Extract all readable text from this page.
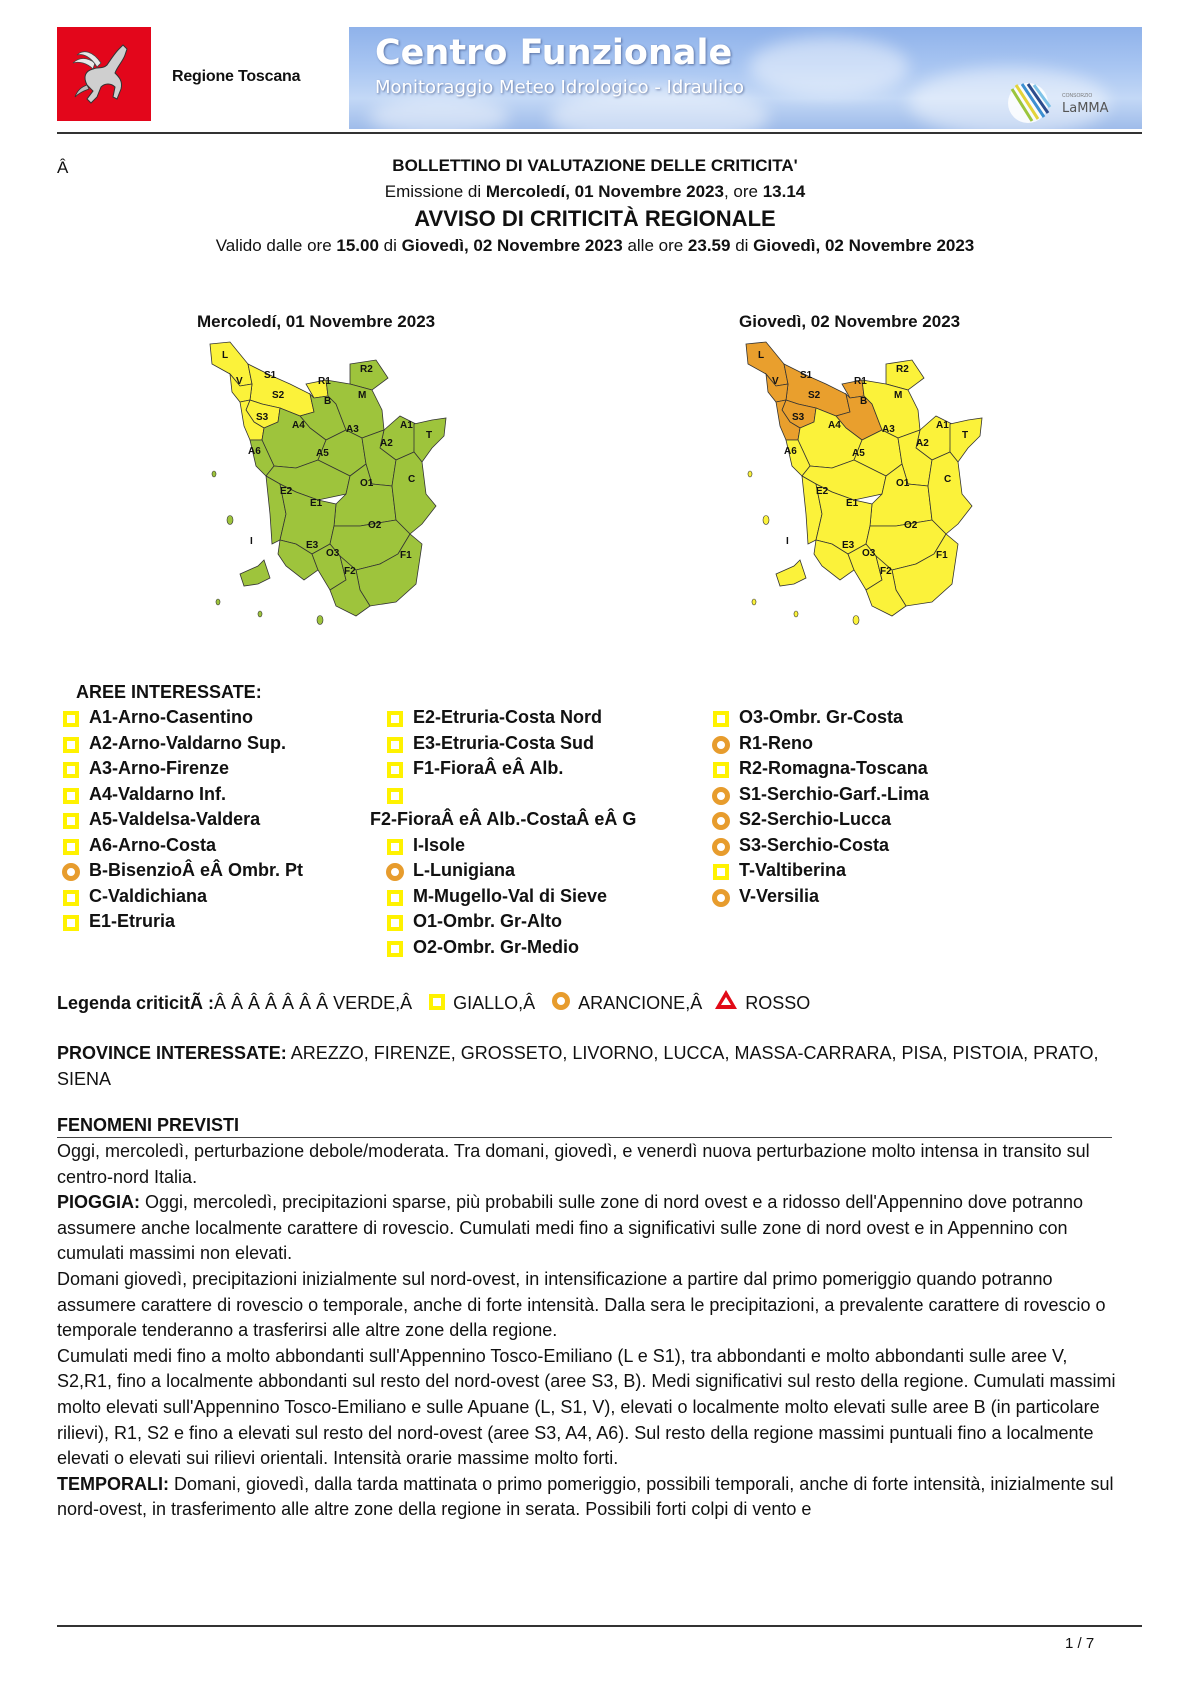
Regione Toscana
Centro Funzionale
Monitoraggio Meteo Idrologico - Idraulico	CONSORZIO
LaMMA
Â	BOLLETTINO DI VALUTAZIONE DELLE CRITICITA'
Emissione di Mercoledí, 01 Novembre 2023, ore 13.14
AVVISO DI CRITICITÀ REGIONALE
Valido dalle ore 15.00 di Giovedì, 02 Novembre 2023 alle ore 23.59 di Giovedì, 02 Novembre 2023
Mercoledí, 01 Novembre 2023	Giovedì, 02 Novembre 2023
L
S1
V
S2
S3
R1
R2
B
M
A4	A3	A1
T
A2
A6	A5
O1	C
E2
E1
O2
I	E3
O3	F1
F2
L
S1
V
S2
S3
R1
R2
B
M
A4	A3	A1
T
A2
A6	A5
O1	C
E2
E1
O2
I	E3
O3	F1
F2
AREE INTERESSATE:
A1-Arno-Casentino
A2-Arno-Valdarno Sup.
A3-Arno-Firenze
A4-Valdarno Inf.
A5-Valdelsa-Valdera
A6-Arno-Costa
B-BisenzioÂ eÂ Ombr. Pt
C-Valdichiana
E1-Etruria
E2-Etruria-Costa Nord
E3-Etruria-Costa Sud
F1-FioraÂ eÂ Alb.
F2-FioraÂ eÂ Alb.-CostaÂ eÂ G
I-Isole
L-Lunigiana
M-Mugello-Val di Sieve
O1-Ombr. Gr-Alto
O2-Ombr. Gr-Medio
O3-Ombr. Gr-Costa
R1-Reno
R2-Romagna-Toscana
S1-Serchio-Garf.-Lima
S2-Serchio-Lucca
S3-Serchio-Costa
T-Valtiberina
V-Versilia
Legenda criticitÃ :Â Â Â Â Â Â Â VERDE,Â GIALLO,Â ARANCIONE,Â ROSSO
PROVINCE INTERESSATE: AREZZO, FIRENZE, GROSSETO, LIVORNO, LUCCA, MASSA-CARRARA, PISA, PISTOIA, PRATO, SIENA
FENOMENI PREVISTI

Oggi, mercoledì, perturbazione debole/moderata. Tra domani, giovedì, e venerdì nuova perturbazione molto intensa in transito sul centro-nord Italia.

PIOGGIA: Oggi, mercoledì, precipitazioni sparse, più probabili sulle zone di nord ovest e a ridosso dell'Appennino dove potranno assumere anche localmente carattere di rovescio. Cumulati medi fino a significativi sulle zone di nord ovest e in Appennino con cumulati massimi non elevati.

Domani giovedì, precipitazioni inizialmente sul nord-ovest, in intensificazione a partire dal primo pomeriggio quando potranno assumere carattere di rovescio o temporale, anche di forte intensità. Dalla sera le precipitazioni, a prevalente carattere di rovescio o temporale tenderanno a trasferirsi alle altre zone della regione.

Cumulati medi fino a molto abbondanti sull'Appennino Tosco-Emiliano (L e S1), tra abbondanti e molto abbondanti sulle aree V, S2,R1, fino a localmente abbondanti sul resto del nord-ovest (aree S3, B). Medi significativi sul resto della regione. Cumulati massimi molto elevati sull'Appennino Tosco-Emiliano e sulle Apuane (L, S1, V), elevati o localmente molto elevati sulle aree B (in particolare rilievi), R1, S2 e fino a elevati sul resto del nord-ovest (aree S3, A4, A6). Sul resto della regione massimi puntuali fino a localmente elevati o elevati sui rilievi orientali. Intensità orarie massime molto forti.

TEMPORALI: Domani, giovedì, dalla tarda mattinata o primo pomeriggio, possibili temporali, anche di forte intensità, inizialmente sul nord-ovest, in trasferimento alle altre zone della regione in serata. Possibili forti colpi di vento e

1 / 7
